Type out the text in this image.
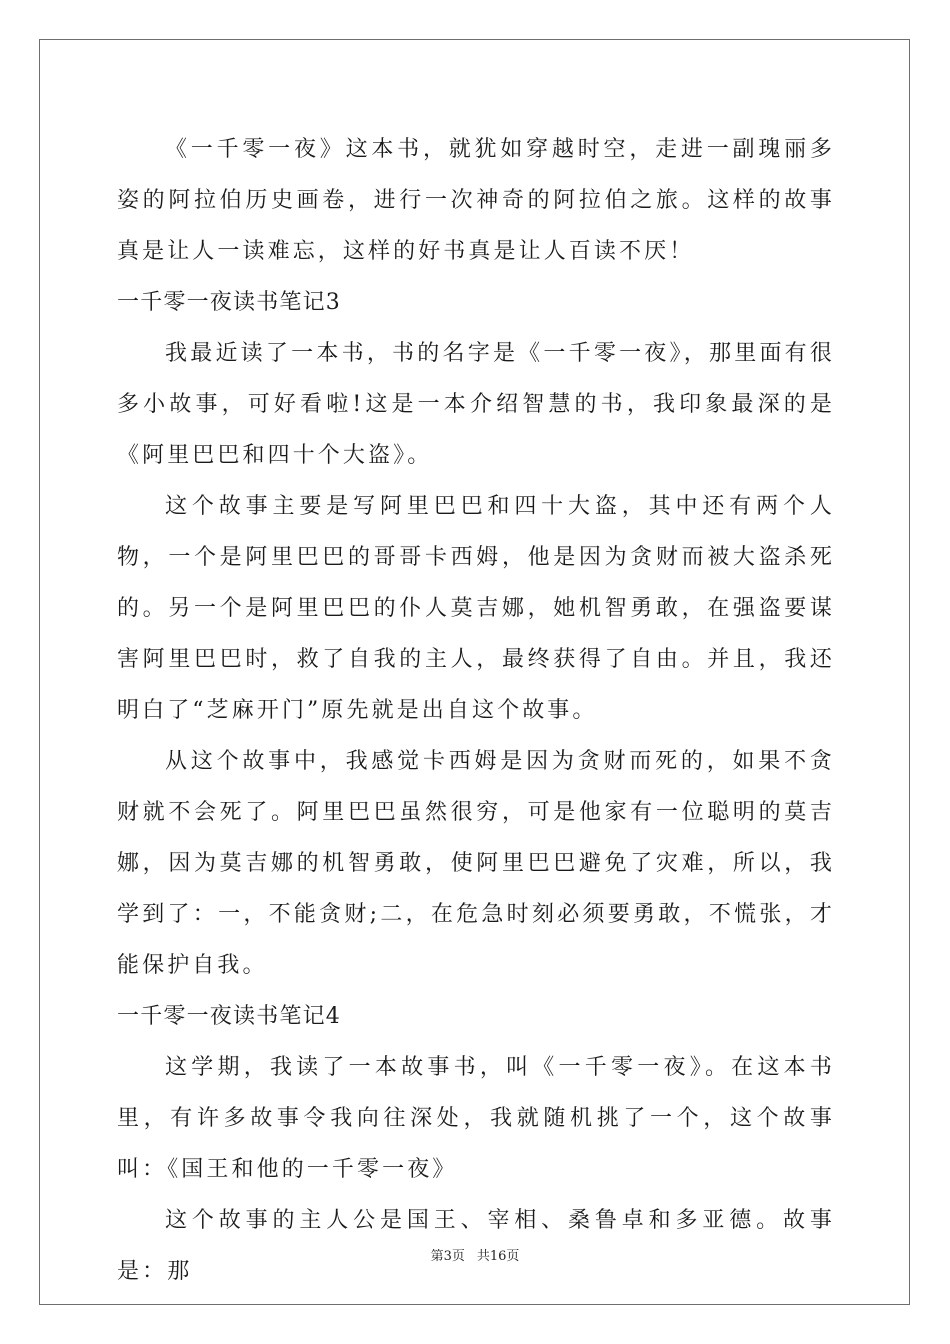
《一千零一夜》这本书，就犹如穿越时空，走进一副瑰丽多姿的阿拉伯历史画卷，进行一次神奇的阿拉伯之旅。这样的故事真是让人一读难忘，这样的好书真是让人百读不厌！

一千零一夜读书笔记3

我最近读了一本书，书的名字是《一千零一夜》，那里面有很多小故事，可好看啦!这是一本介绍智慧的书，我印象最深的是《阿里巴巴和四十个大盗》。

这个故事主要是写阿里巴巴和四十大盗，其中还有两个人物，一个是阿里巴巴的哥哥卡西姆，他是因为贪财而被大盗杀死的。另一个是阿里巴巴的仆人莫吉娜，她机智勇敢，在强盗要谋害阿里巴巴时，救了自我的主人，最终获得了自由。并且，我还明白了“芝麻开门”原先就是出自这个故事。

从这个故事中，我感觉卡西姆是因为贪财而死的，如果不贪财就不会死了。阿里巴巴虽然很穷，可是他家有一位聪明的莫吉娜，因为莫吉娜的机智勇敢，使阿里巴巴避免了灾难，所以，我学到了：一，不能贪财;二，在危急时刻必须要勇敢，不慌张，才能保护自我。

一千零一夜读书笔记4

这学期，我读了一本故事书，叫《一千零一夜》。在这本书里，有许多故事令我向往深处，我就随机挑了一个，这个故事叫：《国王和他的一千零一夜》

这个故事的主人公是国王、宰相、桑鲁卓和多亚德。故事是：那

第3页 共16页
